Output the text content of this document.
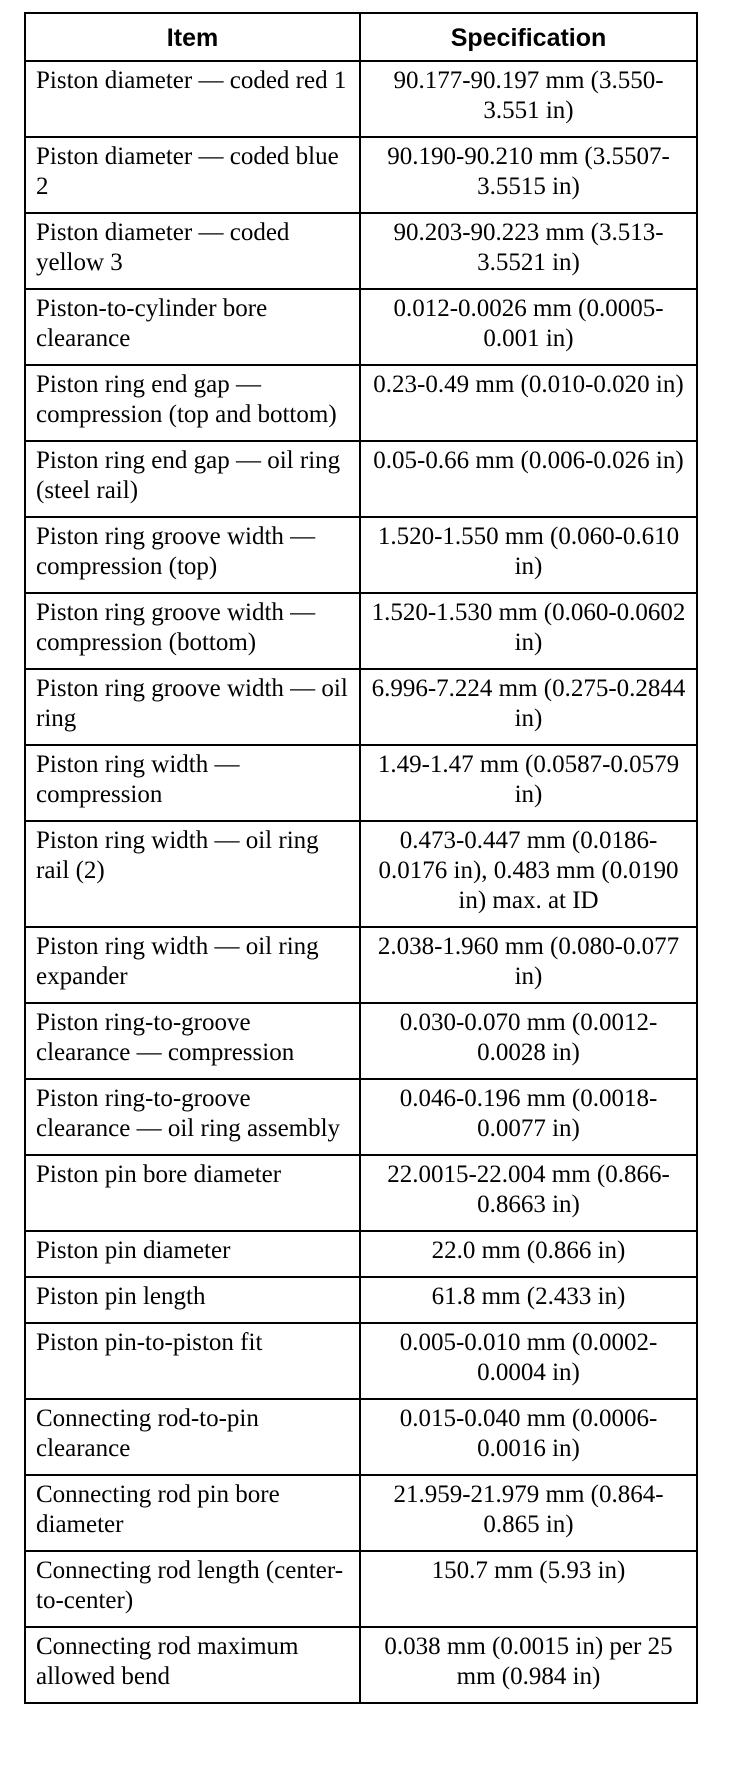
Item	Specification
Piston diameter — coded red 1	90.177-90.197 mm (3.550-3.551 in)
Piston diameter — coded blue 2	90.190-90.210 mm (3.5507-3.5515 in)
Piston diameter — coded yellow 3	90.203-90.223 mm (3.513-3.5521 in)
Piston-to-cylinder bore clearance	0.012-0.0026 mm (0.0005-0.001 in)
Piston ring end gap — compression (top and bottom)	0.23-0.49 mm (0.010-0.020 in)
Piston ring end gap — oil ring (steel rail)	0.05-0.66 mm (0.006-0.026 in)
Piston ring groove width — compression (top)	1.520-1.550 mm (0.060-0.610 in)
Piston ring groove width — compression (bottom)	1.520-1.530 mm (0.060-0.0602 in)
Piston ring groove width — oil ring	6.996-7.224 mm (0.275-0.2844 in)
Piston ring width — compression	1.49-1.47 mm (0.0587-0.0579 in)
Piston ring width — oil ring rail (2)	0.473-0.447 mm (0.0186-0.0176 in), 0.483 mm (0.0190 in) max. at ID
Piston ring width — oil ring expander	2.038-1.960 mm (0.080-0.077 in)
Piston ring-to-groove clearance — compression	0.030-0.070 mm (0.0012-0.0028 in)
Piston ring-to-groove clearance — oil ring assembly	0.046-0.196 mm (0.0018-0.0077 in)
Piston pin bore diameter	22.0015-22.004 mm (0.866-0.8663 in)
Piston pin diameter	22.0 mm (0.866 in)
Piston pin length	61.8 mm (2.433 in)
Piston pin-to-piston fit	0.005-0.010 mm (0.0002-0.0004 in)
Connecting rod-to-pin clearance	0.015-0.040 mm (0.0006-0.0016 in)
Connecting rod pin bore diameter	21.959-21.979 mm (0.864-0.865 in)
Connecting rod length (center-to-center)	150.7 mm (5.93 in)
Connecting rod maximum allowed bend	0.038 mm (0.0015 in) per 25 mm (0.984 in)
